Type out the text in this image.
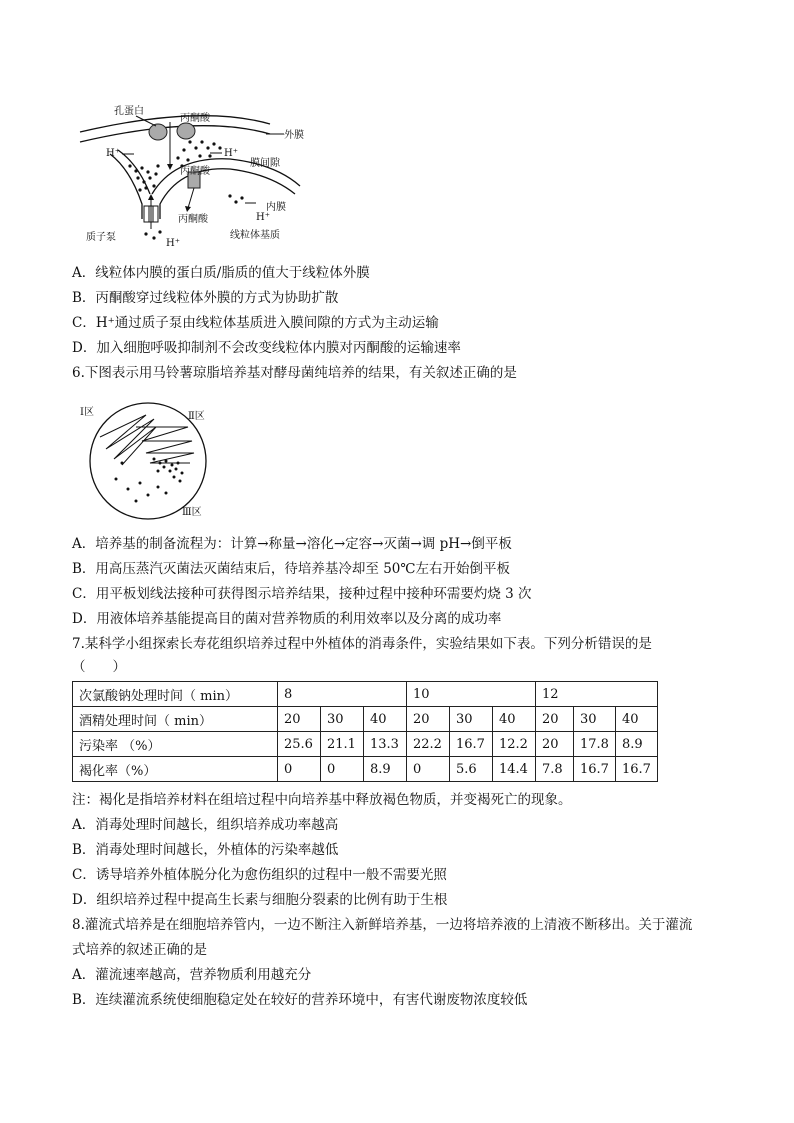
孔蛋白
丙酮酸
外膜
H⁺	H⁺
膜间隙
丙酮酸
内膜
H⁺
丙酮酸
质子泵
H⁺
线粒体基质
A．线粒体内膜的蛋白质/脂质的值大于线粒体外膜
B．丙酮酸穿过线粒体外膜的方式为协助扩散
C．H⁺通过质子泵由线粒体基质进入膜间隙的方式为主动运输
D．加入细胞呼吸抑制剂不会改变线粒体内膜对丙酮酸的运输速率
6.下图表示用马铃薯琼脂培养基对酵母菌纯培养的结果，有关叙述正确的是
Ⅰ区	Ⅱ区
Ⅲ区
A．培养基的制备流程为：计算→称量→溶化→定容→灭菌→调 pH→倒平板
B．用高压蒸汽灭菌法灭菌结束后，待培养基冷却至 50℃左右开始倒平板
C．用平板划线法接种可获得图示培养结果，接种过程中接种环需要灼烧 3 次
D．用液体培养基能提高目的菌对营养物质的利用效率以及分离的成功率
7.某科学小组探索长寿花组织培养过程中外植体的消毒条件，实验结果如下表。下列分析错误的是
（　　）
次氯酸钠处理时间（ min）	8			10			12		
酒精处理时间（ min）	20	30	40	20	30	40	20	30	40
污染率 （%）	25.6	21.1	13.3	22.2	16.7	12.2	20	17.8	8.9
褐化率（%）	0	0	8.9	0	5.6	14.4	7.8	16.7	16.7
注：褐化是指培养材料在组培过程中向培养基中释放褐色物质，并变褐死亡的现象。
A．消毒处理时间越长，组织培养成功率越高
B．消毒处理时间越长，外植体的污染率越低
C．诱导培养外植体脱分化为愈伤组织的过程中一般不需要光照
D．组织培养过程中提高生长素与细胞分裂素的比例有助于生根
8.灌流式培养是在细胞培养管内，一边不断注入新鲜培养基，一边将培养液的上清液不断移出。关于灌流
式培养的叙述正确的是
A．灌流速率越高，营养物质利用越充分
B．连续灌流系统使细胞稳定处在较好的营养环境中，有害代谢废物浓度较低
